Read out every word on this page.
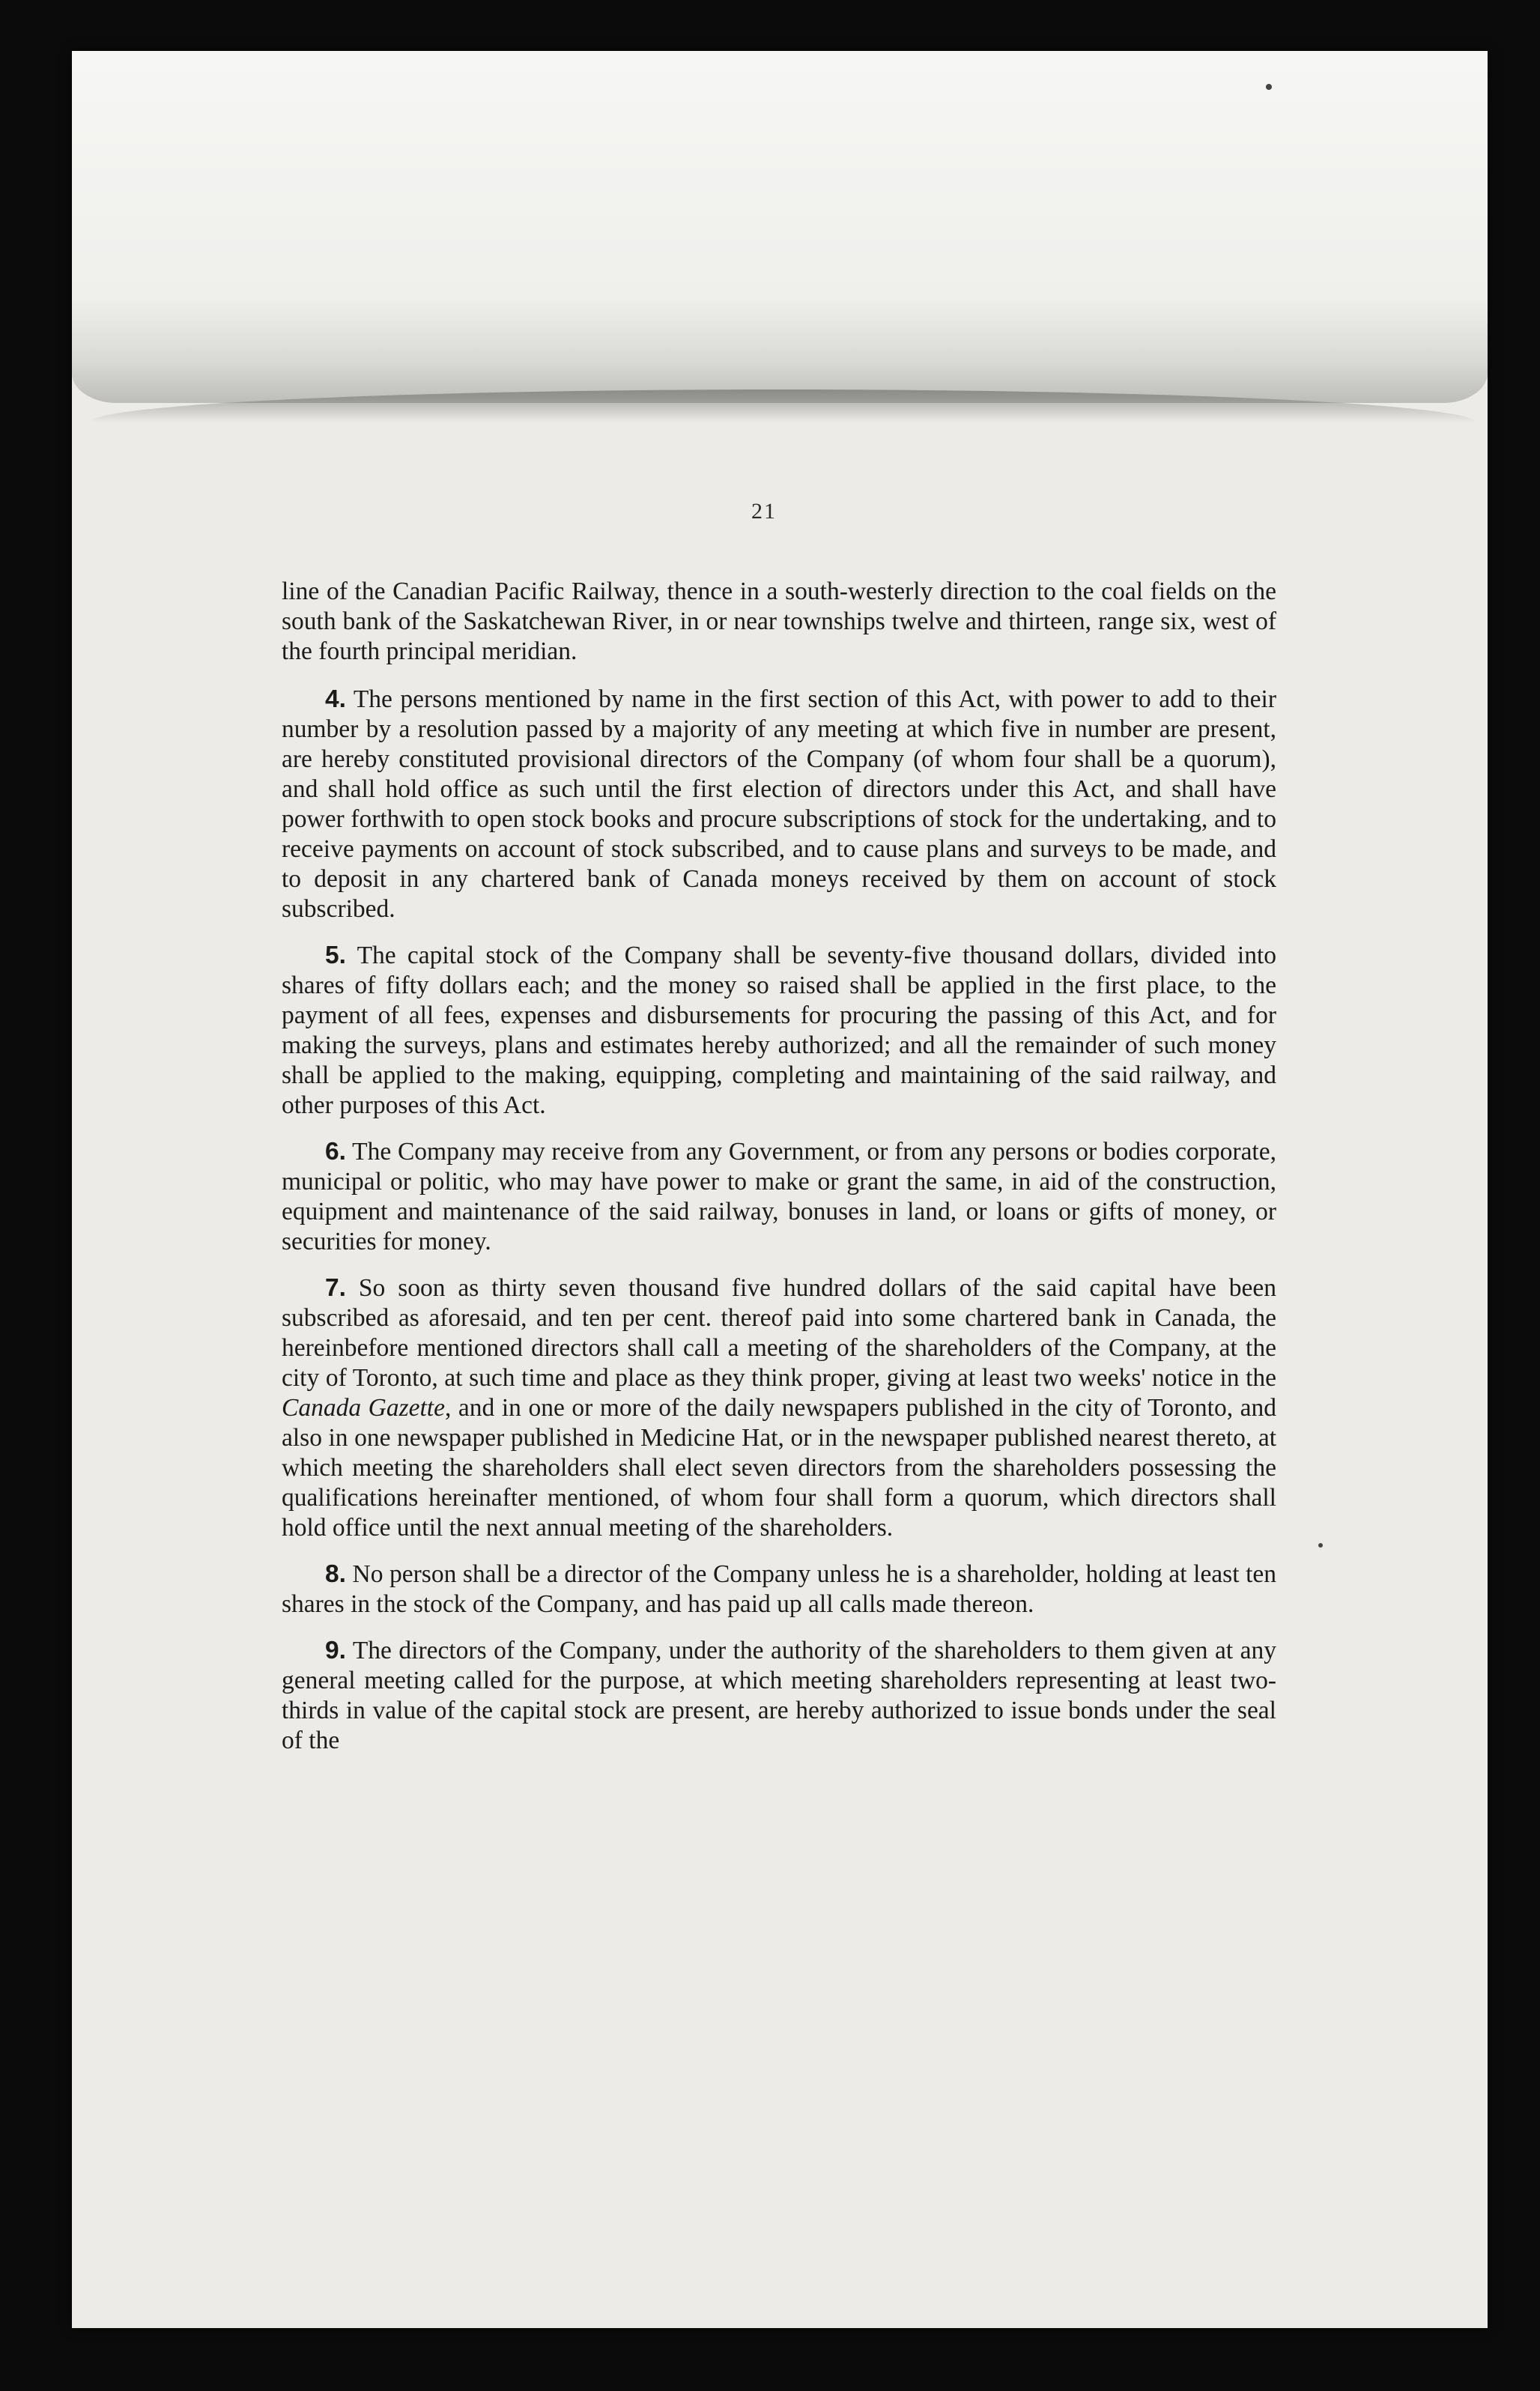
21

line of the Canadian Pacific Railway, thence in a south-westerly direction to the coal fields on the south bank of the Saskatchewan River, in or near townships twelve and thirteen, range six, west of the fourth principal meridian.

4. The persons mentioned by name in the first section of this Act, with power to add to their number by a resolution passed by a majority of any meeting at which five in number are present, are hereby constituted provisional directors of the Company (of whom four shall be a quorum), and shall hold office as such until the first election of directors under this Act, and shall have power forthwith to open stock books and procure subscriptions of stock for the undertaking, and to receive payments on account of stock subscribed, and to cause plans and surveys to be made, and to deposit in any chartered bank of Canada moneys received by them on account of stock subscribed.

5. The capital stock of the Company shall be seventy-five thousand dollars, divided into shares of fifty dollars each; and the money so raised shall be applied in the first place, to the payment of all fees, expenses and disbursements for procuring the passing of this Act, and for making the surveys, plans and estimates hereby authorized; and all the remainder of such money shall be applied to the making, equipping, completing and maintaining of the said railway, and other purposes of this Act.

6. The Company may receive from any Government, or from any persons or bodies corporate, municipal or politic, who may have power to make or grant the same, in aid of the construction, equipment and maintenance of the said railway, bonuses in land, or loans or gifts of money, or securities for money.

7. So soon as thirty seven thousand five hundred dollars of the said capital have been subscribed as aforesaid, and ten per cent. thereof paid into some chartered bank in Canada, the hereinbefore mentioned directors shall call a meeting of the shareholders of the Company, at the city of Toronto, at such time and place as they think proper, giving at least two weeks' notice in the Canada Gazette, and in one or more of the daily newspapers published in the city of Toronto, and also in one newspaper published in Medicine Hat, or in the newspaper published nearest thereto, at which meeting the shareholders shall elect seven directors from the shareholders possessing the qualifications hereinafter mentioned, of whom four shall form a quorum, which directors shall hold office until the next annual meeting of the shareholders.

8. No person shall be a director of the Company unless he is a shareholder, holding at least ten shares in the stock of the Company, and has paid up all calls made thereon.

9. The directors of the Company, under the authority of the shareholders to them given at any general meeting called for the purpose, at which meeting shareholders representing at least two-thirds in value of the capital stock are present, are hereby authorized to issue bonds under the seal of the
